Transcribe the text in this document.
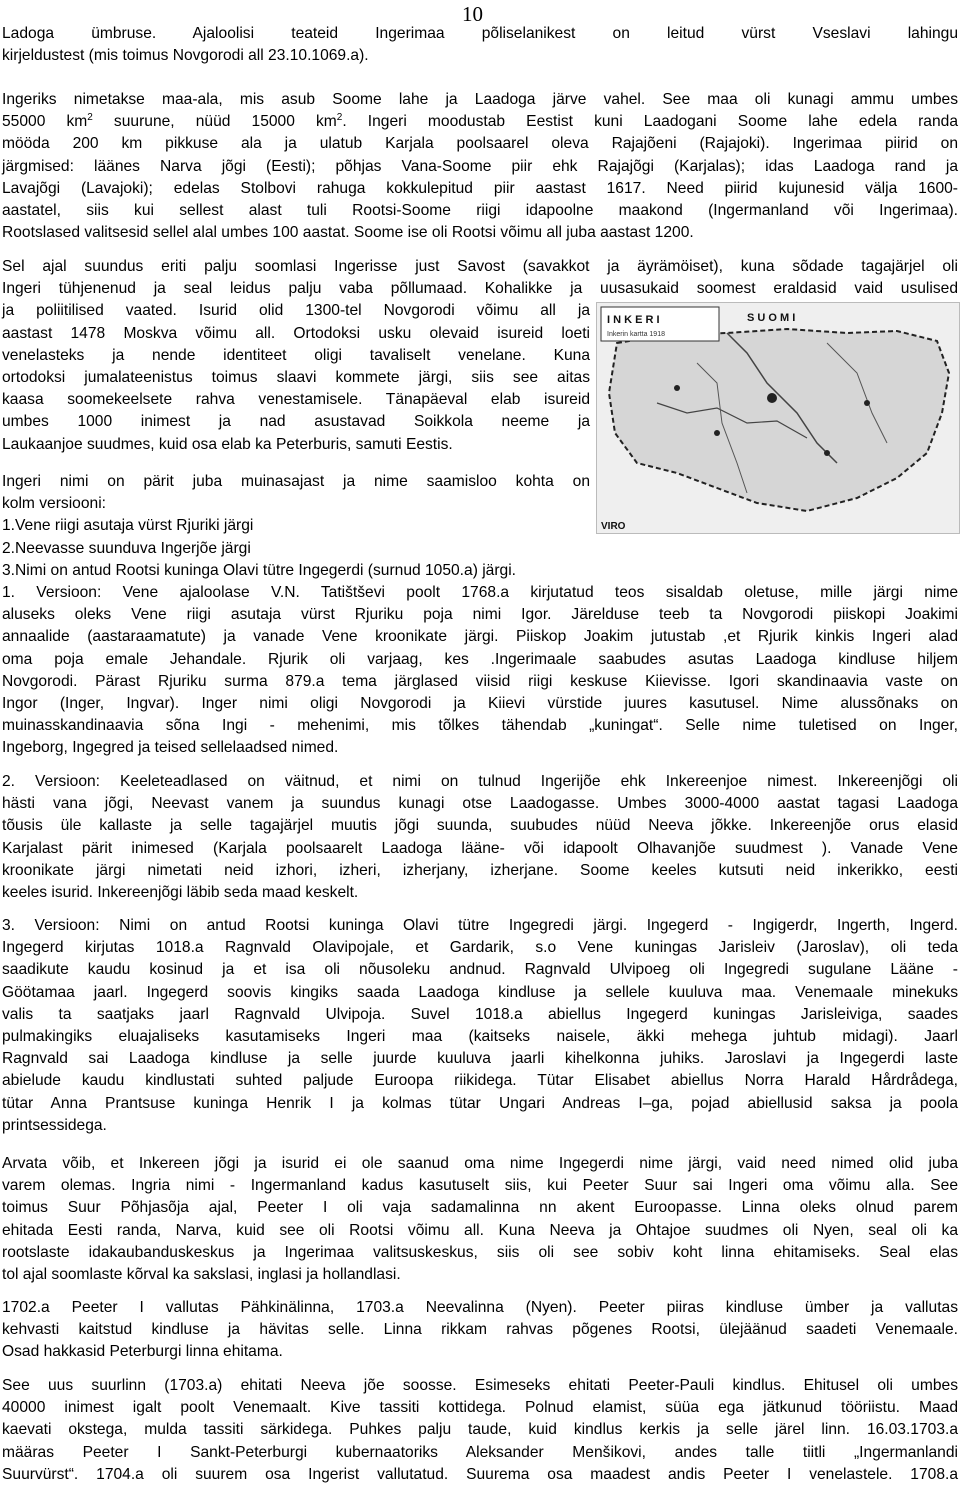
10
Ladoga ümbruse. Ajaloolisi teateid Ingerimaa põliselanikest on leitud vürst Vseslavi lahingu
kirjeldustest (mis toimus Novgorodi all 23.10.1069.a).
Ingeriks nimetakse maa-ala, mis asub Soome lahe ja Laadoga järve vahel. See maa oli kunagi ammu umbes
55000 $km^2$ suurune, nüüd 15000 $km^2$. Ingeri moodustab Eestist kuni Laadogani Soome lahe edela randa
mööda 200 km pikkuse ala ja ulatub Karjala poolsaarel oleva Rajajõeni (Rajajoki). Ingerimaa piirid on
järgmised: läänes Narva jõgi (Eesti); põhjas Vana-Soome piir ehk Rajajõgi (Karjalas); idas Laadoga rand ja
Lavajõgi (Lavajoki); edelas Stolbovi rahuga kokkulepitud piir aastast 1617. Need piirid kujunesid välja 1600-
aastatel, siis kui sellest alast tuli Rootsi-Soome riigi idapoolne maakond (Ingermanland või Ingerimaa).
Rootslased valitsesid sellel alal umbes 100 aastat. Soome ise oli Rootsi võimu all juba aastast 1200.
Sel ajal suundus eriti palju soomlasi Ingerisse just Savost (savakkot ja äyrämöiset), kuna sõdade tagajärjel oli
Ingeri tühjenenud ja seal leidus palju vaba põllumaad. Kohalikke ja uusasukaid soomest eraldasid vaid usulised
ja poliitilised vaated. Isurid olid 1300-tel Novgorodi võimu all ja
aastast 1478 Moskva võimu all. Ortodoksi usku olevaid isureid loeti
venelasteks ja nende identiteet oligi tavaliselt venelane. Kuna
ortodoksi jumalateenistus toimus slaavi kommete järgi, siis see aitas
kaasa soomekeelsete rahva venestamisele. Tänapäeval elab isureid
umbes 1000 inimest ja nad asustavad Soikkola neeme ja
Laukaanjoe suudmes, kuid osa elab ka Peterburis, samuti Eestis.
Ingeri nimi on pärit juba muinasajast ja nime saamisloo kohta on
kolm versiooni:
1.Vene riigi asutaja vürst Rjuriki järgi
2.Neevasse suunduva Ingerjõe järgi
3.Nimi on antud Rootsi kuninga Olavi tütre Ingegerdi (surnud 1050.a) järgi.
1. Versioon: Vene ajaloolase V.N. Tatištševi poolt 1768.a kirjutatud teos sisaldab oletuse, mille järgi nime
aluseks oleks Vene riigi asutaja vürst Rjuriku poja nimi Igor. Järelduse teeb ta Novgorodi piiskopi Joakimi
annaalide (aastaraamatute) ja vanade Vene kroonikate järgi. Piiskop Joakim jutustab ,et Rjurik kinkis Ingeri alad
oma poja emale Jehandale. Rjurik oli varjaag, kes .Ingerimaale saabudes asutas Laadoga kindluse hiljem
Novgorodi. Pärast Rjuriku surma 879.a tema järglased viisid riigi keskuse Kiievisse. Igori skandinaavia vaste on
Ingor (Inger, Ingvar). Inger nimi oligi Novgorodi ja Kiievi vürstide juures kasutusel. Nime alussõnaks on
muinasskandinaavia sõna Ingi - mehenimi, mis tõlkes tähendab „kuningat“. Selle nime tuletised on Inger,
Ingeborg, Ingegred ja teised sellelaadsed nimed.
2. Versioon: Keeleteadlased on väitnud, et nimi on tulnud Ingerijõe ehk Inkereenjoe nimest. Inkereenjõgi oli
hästi vana jõgi, Neevast vanem ja suundus kunagi otse Laadogasse. Umbes 3000-4000 aastat tagasi Laadoga
tõusis üle kallaste ja selle tagajärjel muutis jõgi suunda, suubudes nüüd Neeva jõkke. Inkereenjõe orus elasid
Karjalast pärit inimesed (Karjala poolsaarelt Laadoga lääne- või idapoolt Olhavanjõe suudmest ). Vanade Vene
kroonikate järgi nimetati neid izhori, izheri, izherjany, izherjane. Soome keeles kutsuti neid inkerikko, eesti
keeles isurid. Inkereenjõgi läbib seda maad keskelt.
3. Versioon: Nimi on antud Rootsi kuninga Olavi tütre Ingegredi järgi. Ingegerd - Ingigerdr, Ingerth, Ingerd.
Ingegerd kirjutas 1018.a Ragnvald Olavipojale, et Gardarik, s.o Vene kuningas Jarisleiv (Jaroslav), oli teda
saadikute kaudu kosinud ja et isa oli nõusoleku andnud. Ragnvald Ulvipoeg oli Ingegredi sugulane Lääne -
Göötamaa jaarl. Ingegerd soovis kingiks saada Laadoga kindluse ja sellele kuuluva maa. Venemaale minekuks
valis ta saatjaks jaarl Ragnvald Ulvipoja. Suvel 1018.a abiellus Ingegerd kuningas Jarisleiviga, saades
pulmakingiks eluajaliseks kasutamiseks Ingeri maa (kaitseks naisele, äkki mehega juhtub midagi). Jaarl
Ragnvald sai Laadoga kindluse ja selle juurde kuuluva jaarli kihelkonna juhiks. Jaroslavi ja Ingegerdi laste
abielude kaudu kindlustati suhted paljude Euroopa riikidega. Tütar Elisabet abiellus Norra Harald Hårdrådega,
tütar Anna Prantsuse kuninga Henrik I ja kolmas tütar Ungari Andreas I–ga, pojad abiellusid saksa ja poola
printsessidega.
Arvata võib, et Inkereen jõgi ja isurid ei ole saanud oma nime Ingegerdi nime järgi, vaid need nimed olid juba
varem olemas. Ingria nimi - Ingermanland kadus kasutuselt siis, kui Peeter Suur sai Ingeri oma võimu alla. See
toimus Suur Põhjasõja ajal, Peeter I oli vaja sadamalinna nn akent Euroopasse. Linna oleks olnud parem
ehitada Eesti randa, Narva, kuid see oli Rootsi võimu all. Kuna Neeva ja Ohtajoe suudmes oli Nyen, seal oli ka
rootslaste idakaubanduskeskus ja Ingerimaa valitsuskeskus, siis oli see sobiv koht linna ehitamiseks. Seal elas
tol ajal soomlaste kõrval ka sakslasi, inglasi ja hollandlasi.
1702.a Peeter I vallutas Pähkinälinna, 1703.a Neevalinna (Nyen). Peeter piiras kindluse ümber ja vallutas
kehvasti kaitstud kindluse ja hävitas selle. Linna rikkam rahvas põgenes Rootsi, ülejäänud saadeti Venemaale.
Osad hakkasid Peterburgi linna ehitama.
See uus suurlinn (1703.a) ehitati Neeva jõe soosse. Esimeseks ehitati Peeter-Pauli kindlus. Ehitusel oli umbes
40000 inimest igalt poolt Venemaalt. Kive tassiti kottidega. Polnud elamist, süüa ega jätkunud tööriistu. Maad
kaevati okstega, mulda tassiti särkidega. Puhkes palju taude, kuid kindlus kerkis ja selle järel linn. 16.03.1703.a
määras Peeter I Sankt-Peterburgi kubernaatoriks Aleksander Menšikovi, andes talle tiitli „Ingermanlandi
Suurvürst“. 1704.a oli suurem osa Ingerist vallutatud. Suurema osa maadest andis Peeter I venelastele. 1708.a
I N K E R I
Inkerin kartta 1918
S U O M I
VIRO
